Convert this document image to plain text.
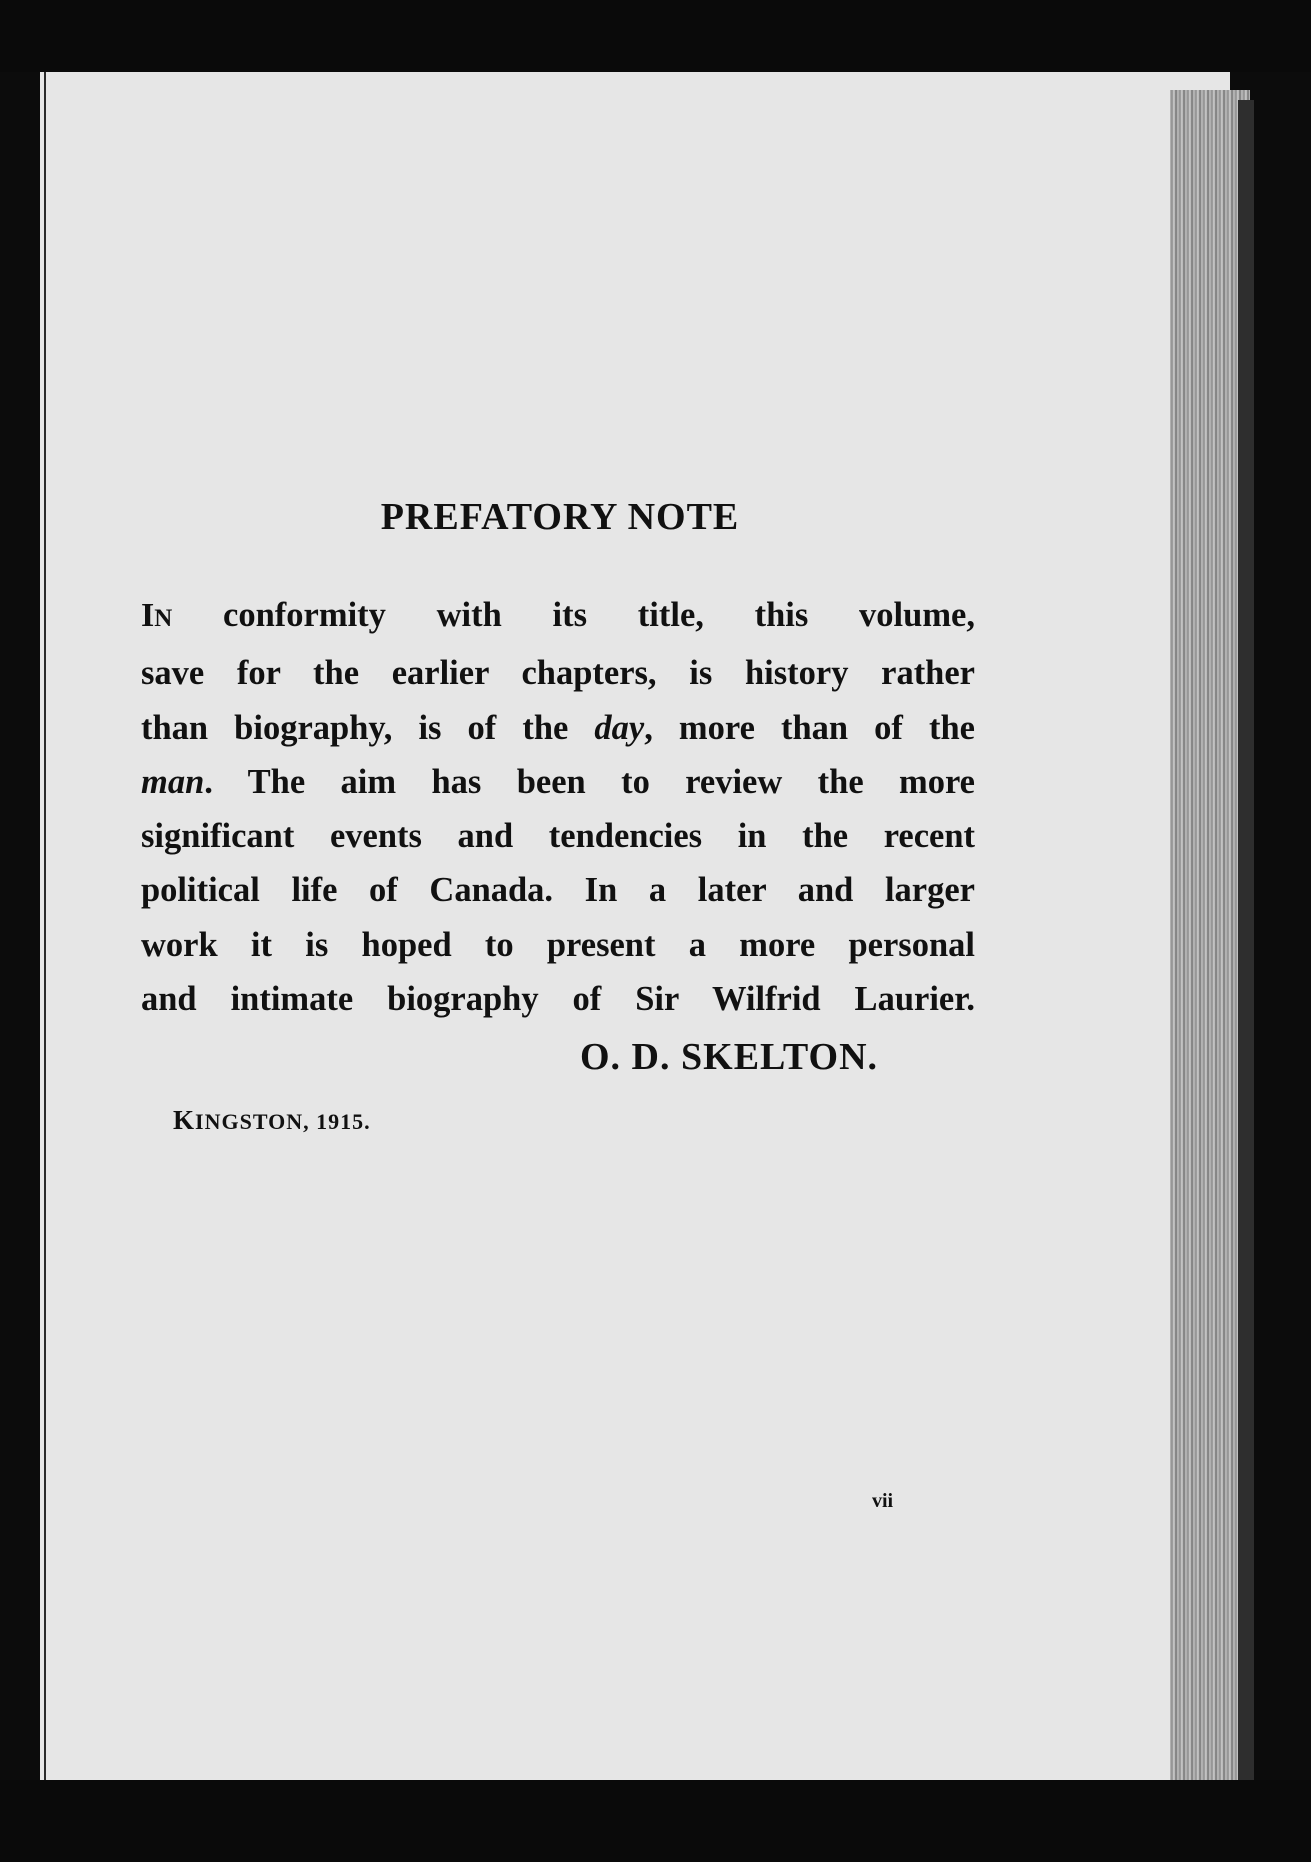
PREFATORY NOTE

IN conformity with its title, this volume,
save for the earlier chapters, is history rather
than biography, is of the day, more than of the
man. The aim has been to review the more
significant events and tendencies in the recent
political life of Canada. In a later and larger
work it is hoped to present a more personal
and intimate biography of Sir Wilfrid Laurier.

O. D. SKELTON.
KINGSTON, 1915.
vii
